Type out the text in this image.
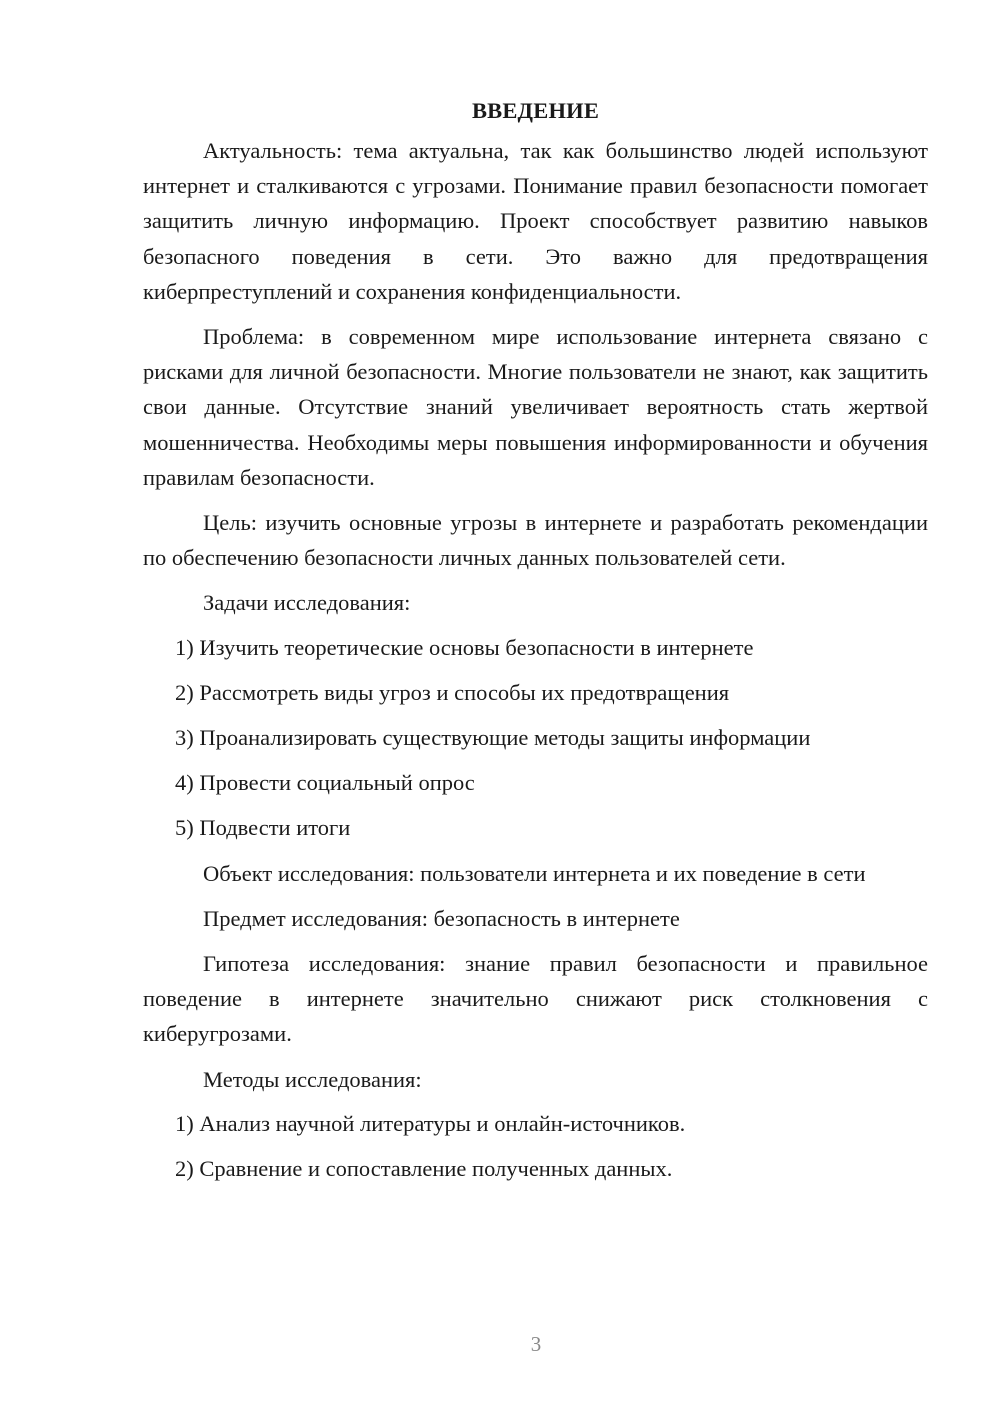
ВВЕДЕНИЕ

Актуальность: тема актуальна, так как большинство людей используют интернет и сталкиваются с угрозами. Понимание правил безопасности помогает защитить личную информацию. Проект способствует развитию навыков безопасного поведения в сети. Это важно для предотвращения киберпреступлений и сохранения конфиденциальности.

Проблема: в современном мире использование интернета связано с рисками для личной безопасности. Многие пользователи не знают, как защитить свои данные. Отсутствие знаний увеличивает вероятность стать жертвой мошенничества. Необходимы меры повышения информированности и обучения правилам безопасности.

Цель: изучить основные угрозы в интернете и разработать рекомендации по обеспечению безопасности личных данных пользователей сети.

Задачи исследования:
1) Изучить теоретические основы безопасности в интернете
2) Рассмотреть виды угроз и способы их предотвращения
3) Проанализировать существующие методы защиты информации
4) Провести социальный опрос
5) Подвести итоги

Объект исследования: пользователи интернета и их поведение в сети

Предмет исследования: безопасность в интернете

Гипотеза исследования: знание правил безопасности и правильное поведение в интернете значительно снижают риск столкновения с киберугрозами.

Методы исследования:
1) Анализ научной литературы и онлайн-источников.
2) Сравнение и сопоставление полученных данных.
3
